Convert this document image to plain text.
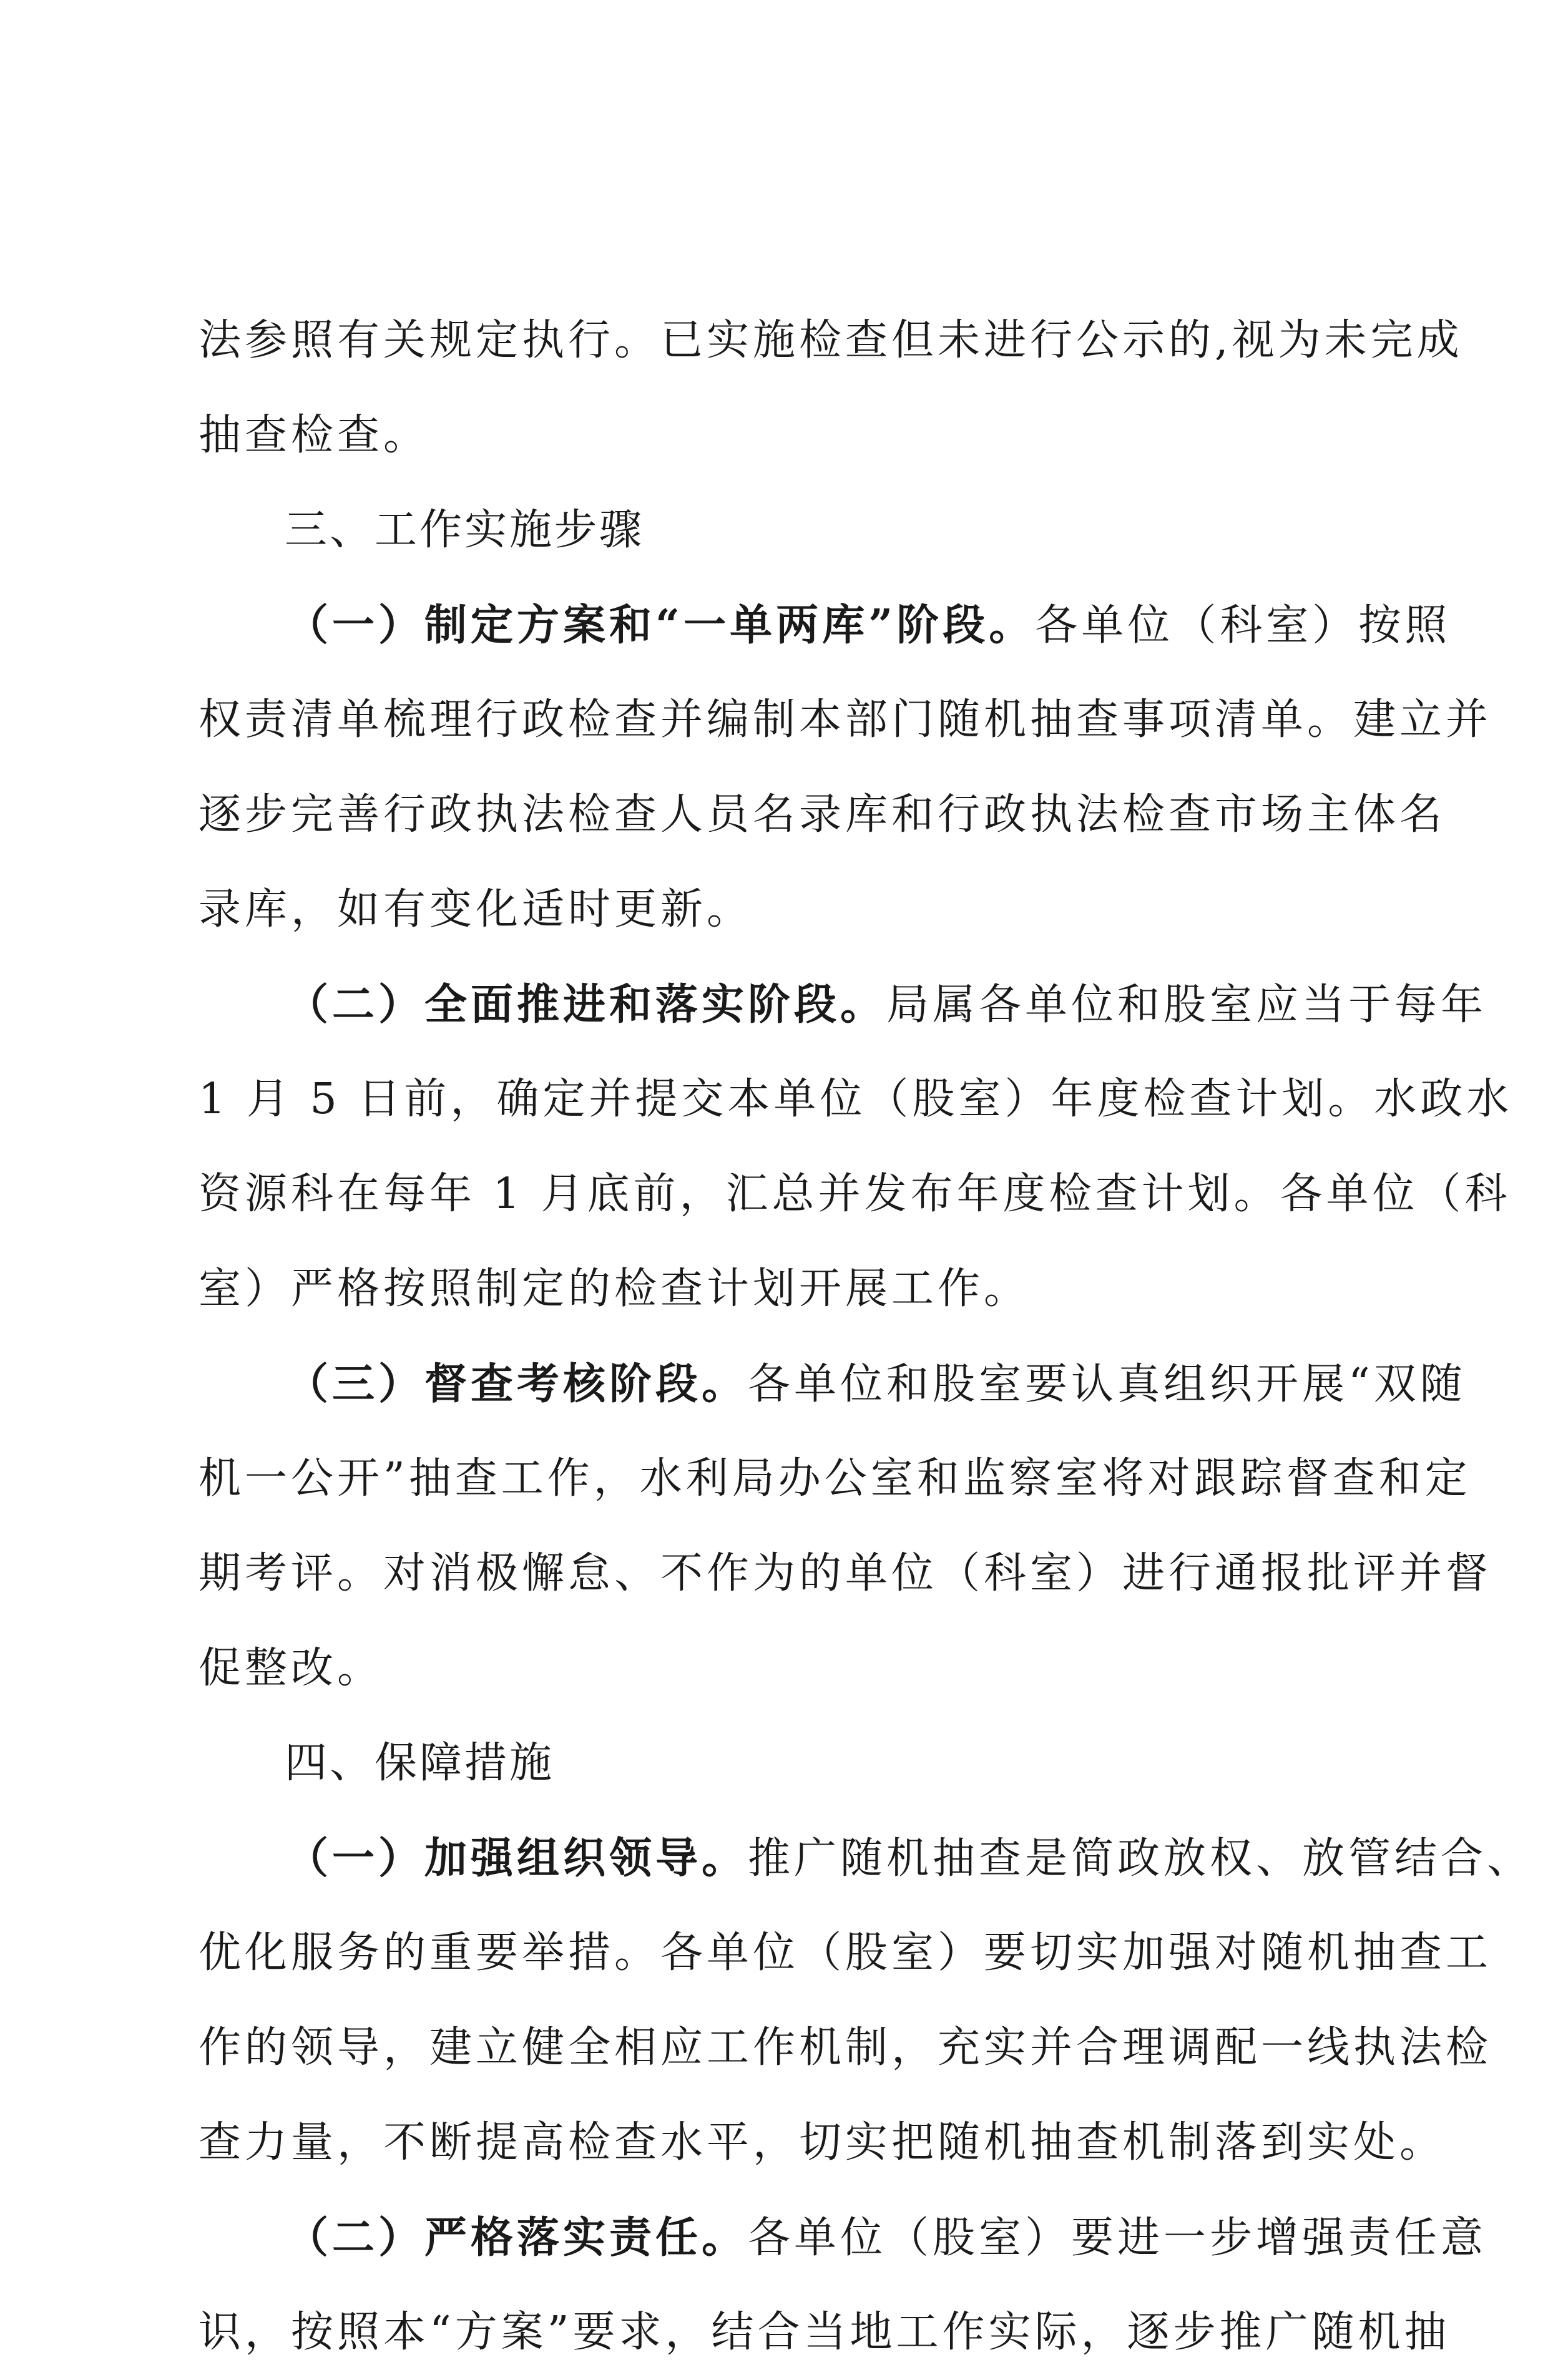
法参照有关规定执行。已实施检查但未进行公示的,视为未完成
抽查检查。
三、工作实施步骤
（一）制定方案和“一单两库”阶段。各单位（科室）按照
权责清单梳理行政检查并编制本部门随机抽查事项清单。建立并
逐步完善行政执法检查人员名录库和行政执法检查市场主体名
录库，如有变化适时更新。
（二）全面推进和落实阶段。局属各单位和股室应当于每年
1 月 5 日前，确定并提交本单位（股室）年度检查计划。水政水
资源科在每年 1 月底前，汇总并发布年度检查计划。各单位（科
室）严格按照制定的检查计划开展工作。
（三）督查考核阶段。各单位和股室要认真组织开展“双随
机一公开”抽查工作，水利局办公室和监察室将对跟踪督查和定
期考评。对消极懈怠、不作为的单位（科室）进行通报批评并督
促整改。
四、保障措施
（一）加强组织领导。推广随机抽查是简政放权、放管结合、
优化服务的重要举措。各单位（股室）要切实加强对随机抽查工
作的领导，建立健全相应工作机制，充实并合理调配一线执法检
查力量，不断提高检查水平，切实把随机抽查机制落到实处。
（二）严格落实责任。各单位（股室）要进一步增强责任意
识，按照本“方案”要求，结合当地工作实际，逐步推广随机抽
